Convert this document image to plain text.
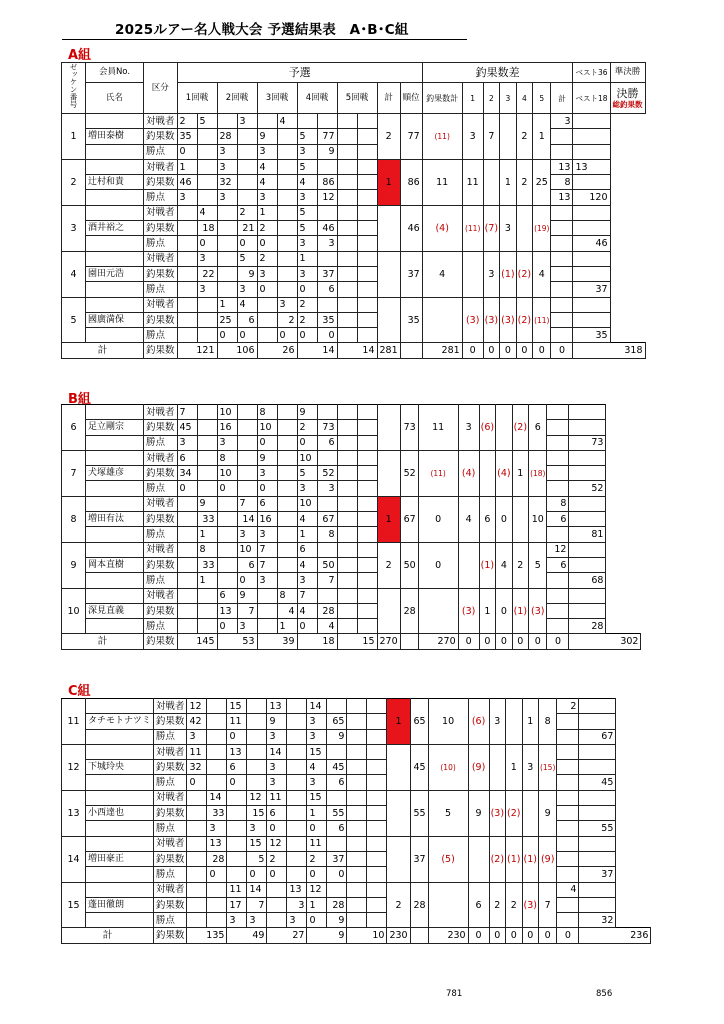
2025ルアー名人戦大会 予選結果表　A･B･C組
A組
ゼッケン番号	会員No.	区分	予選												釣果数差							ベスト36	準決勝
	氏名		1回戦		2回戦		3回戦		4回戦		5回戦		計	順位	釣果数計	1	2	3	4	5	計	ベスト18	決勝
総釣果数

1		対戦者	2	5		3		4					2	77	(11)	3	7		2	1	3		
	増田泰樹	釣果数	35		28		9		5	77													
		勝点	0		3		3		3	9													
2		対戦者	1		3		4		5				1	86	11	11		1	2	25	13	13	
	辻村和貴	釣果数	46		32		4		4	86											8		
		勝点	3		3		3		3	12											13	120	
3		対戦者		4		2	1		5					46	(4)	(11)	(7)	3		(19)			
	酒井裕之	釣果数		18		21	2		5	46													
		勝点		0		0	0		3	3												46	
4		対戦者		3		5	2		1					37	4		3	(1)	(2)	4			
	園田元浩	釣果数		22		9	3		3	37													
		勝点		3		3	0		0	6												37	
5		対戦者			1	4		3	2					35		(3)	(3)	(3)	(2)	(11)			
	國廣満保	釣果数			25	6		2	2	35													
		勝点			0	0		0	0	0												35	
計		釣果数	121		106		26		14		14		281		281	0	0	0	0	0	0	318	
B組
6		対戦者	7		10		8		9					73	11	3	(6)		(2)	6		
	足立剛宗	釣果数	45		16		10		2	73												
		勝点	3		3		0		0	6												73
7		対戦者	6		8		9		10					52	(11)	(4)		(4)	1	(18)		
	犬塚雄彦	釣果数	34		10		3		5	52												
		勝点	0		0		0		3	3												52
8		対戦者		9		7	6		10				1	67	0	4	6	0		10	8	
	増田有汰	釣果数		33		14	16		4	67											6	
		勝点		1		3	3		1	8												81
9		対戦者		8		10	7		6				2	50	0		(1)	4	2	5	12	
	岡本直樹	釣果数		33		6	7		4	50											6	
		勝点		1		0	3		3	7												68
10		対戦者			6	9		8	7					28		(3)	1	0	(1)	(3)		
	深見直義	釣果数			13	7		4	4	28												
		勝点			0	3		1	0	4												28
計		釣果数	145		53		39		18		15		270		270	0	0	0	0	0	0	302
C組
11		対戦者	12		15		13		14				1	65	10	(6)	3		1	8	2	
	タチモトナツミ	釣果数	42		11		9		3	65												
		勝点	3		0		3		3	9												67
12		対戦者	11		13		14		15					45	(10)	(9)		1	3	(15)		
	下城玲央	釣果数	32		6		3		4	45												
		勝点	0		0		3		3	6												45
13		対戦者		14		12	11		15					55	5	9	(3)	(2)		9		
	小西達也	釣果数		33		15	6		1	55												
		勝点		3		3	0		0	6												55
14		対戦者		13		15	12		11					37	(5)		(2)	(1)	(1)	(9)		
	増田豪正	釣果数		28		5	2		2	37												
		勝点		0		0	0		0	0												37
15		対戦者			11	14		13	12				2	28		6	2	2	(3)	7	4	
	蓬田徹朗	釣果数			17	7		3	1	28												
		勝点			3	3		3	0	9												32
計		釣果数	135		49		27		9		10		230		230	0	0	0	0	0	0	236
781	856
